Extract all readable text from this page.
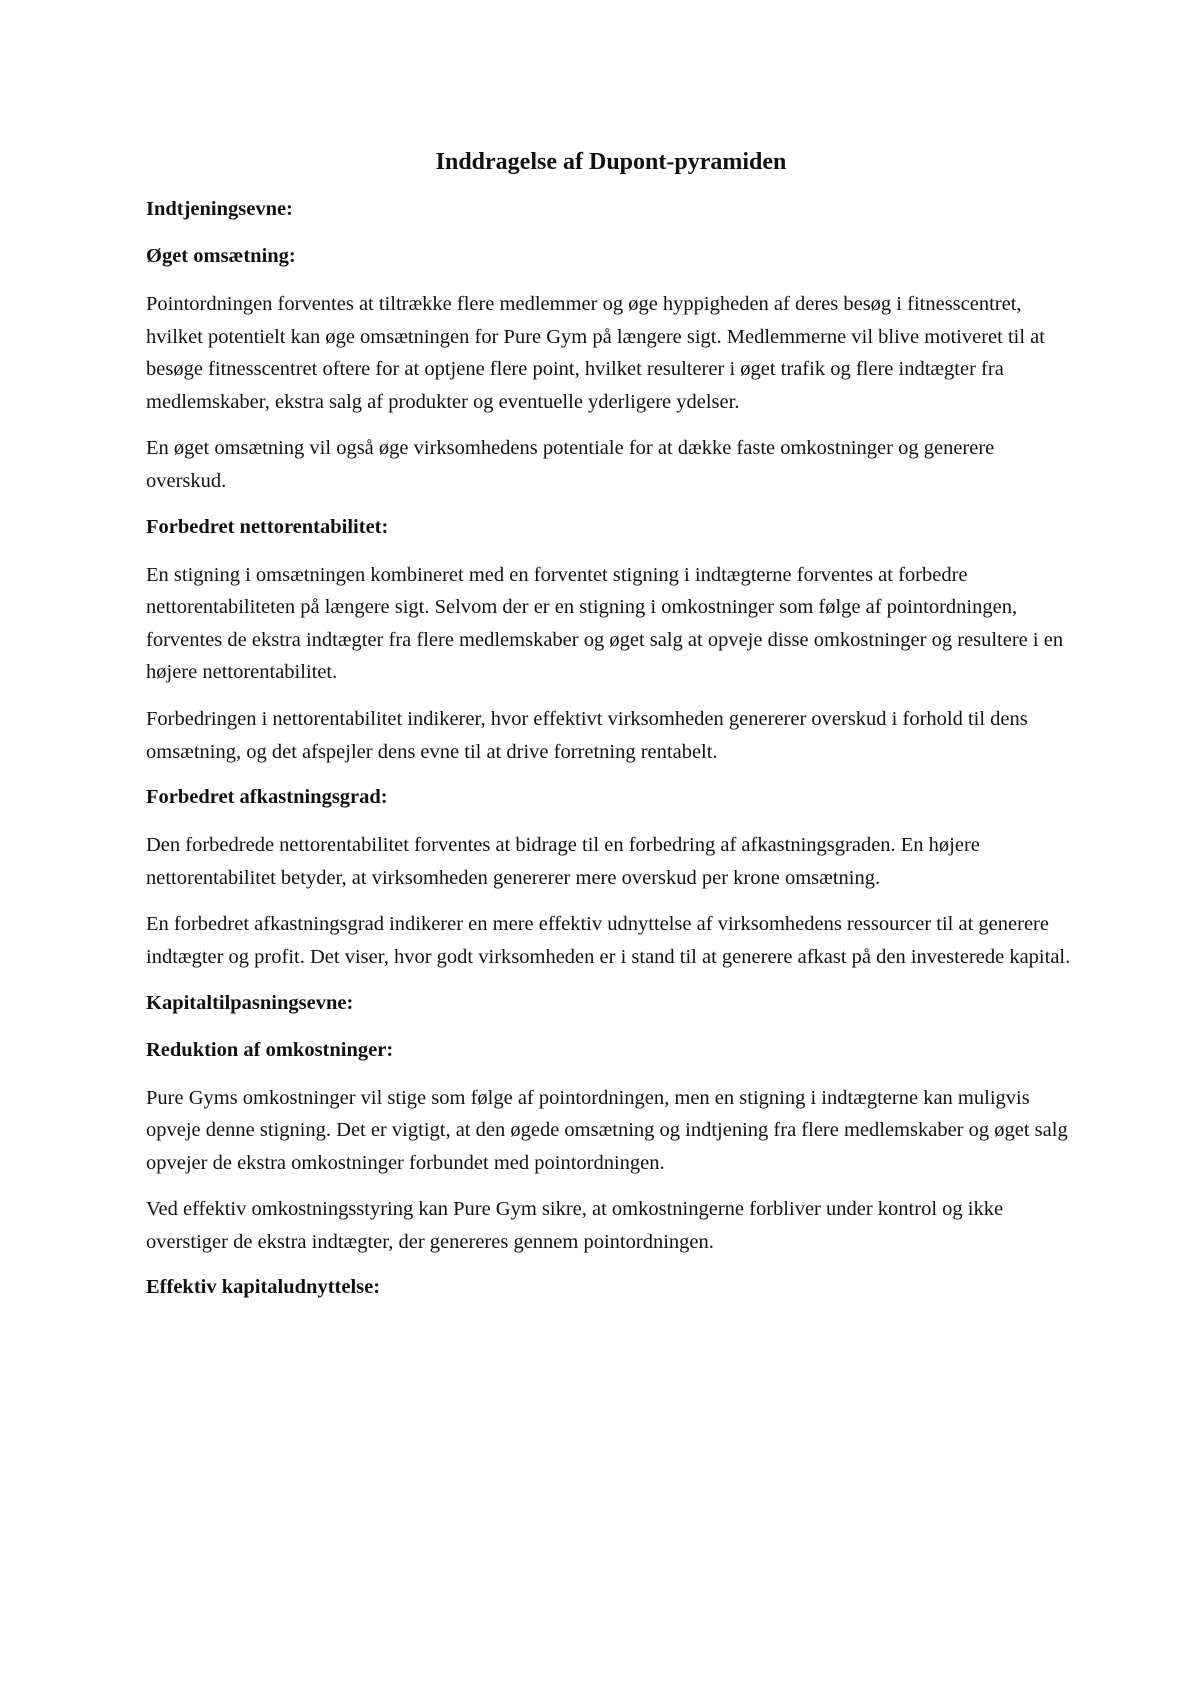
Inddragelse af Dupont-pyramiden
Indtjeningsevne:
Øget omsætning:

Pointordningen forventes at tiltrække flere medlemmer og øge hyppigheden af deres besøg i fitnesscentret, hvilket potentielt kan øge omsætningen for Pure Gym på længere sigt. Medlemmerne vil blive motiveret til at besøge fitnesscentret oftere for at optjene flere point, hvilket resulterer i øget trafik og flere indtægter fra medlemskaber, ekstra salg af produkter og eventuelle yderligere ydelser.

En øget omsætning vil også øge virksomhedens potentiale for at dække faste omkostninger og generere overskud.

Forbedret nettorentabilitet:

En stigning i omsætningen kombineret med en forventet stigning i indtægterne forventes at forbedre nettorentabiliteten på længere sigt. Selvom der er en stigning i omkostninger som følge af pointordningen, forventes de ekstra indtægter fra flere medlemskaber og øget salg at opveje disse omkostninger og resultere i en højere nettorentabilitet.

Forbedringen i nettorentabilitet indikerer, hvor effektivt virksomheden genererer overskud i forhold til dens omsætning, og det afspejler dens evne til at drive forretning rentabelt.

Forbedret afkastningsgrad:

Den forbedrede nettorentabilitet forventes at bidrage til en forbedring af afkastningsgraden. En højere nettorentabilitet betyder, at virksomheden genererer mere overskud per krone omsætning.

En forbedret afkastningsgrad indikerer en mere effektiv udnyttelse af virksomhedens ressourcer til at generere indtægter og profit. Det viser, hvor godt virksomheden er i stand til at generere afkast på den investerede kapital.

Kapitaltilpasningsevne:
Reduktion af omkostninger:

Pure Gyms omkostninger vil stige som følge af pointordningen, men en stigning i indtægterne kan muligvis opveje denne stigning. Det er vigtigt, at den øgede omsætning og indtjening fra flere medlemskaber og øget salg opvejer de ekstra omkostninger forbundet med pointordningen.

Ved effektiv omkostningsstyring kan Pure Gym sikre, at omkostningerne forbliver under kontrol og ikke overstiger de ekstra indtægter, der genereres gennem pointordningen.

Effektiv kapitaludnyttelse:
